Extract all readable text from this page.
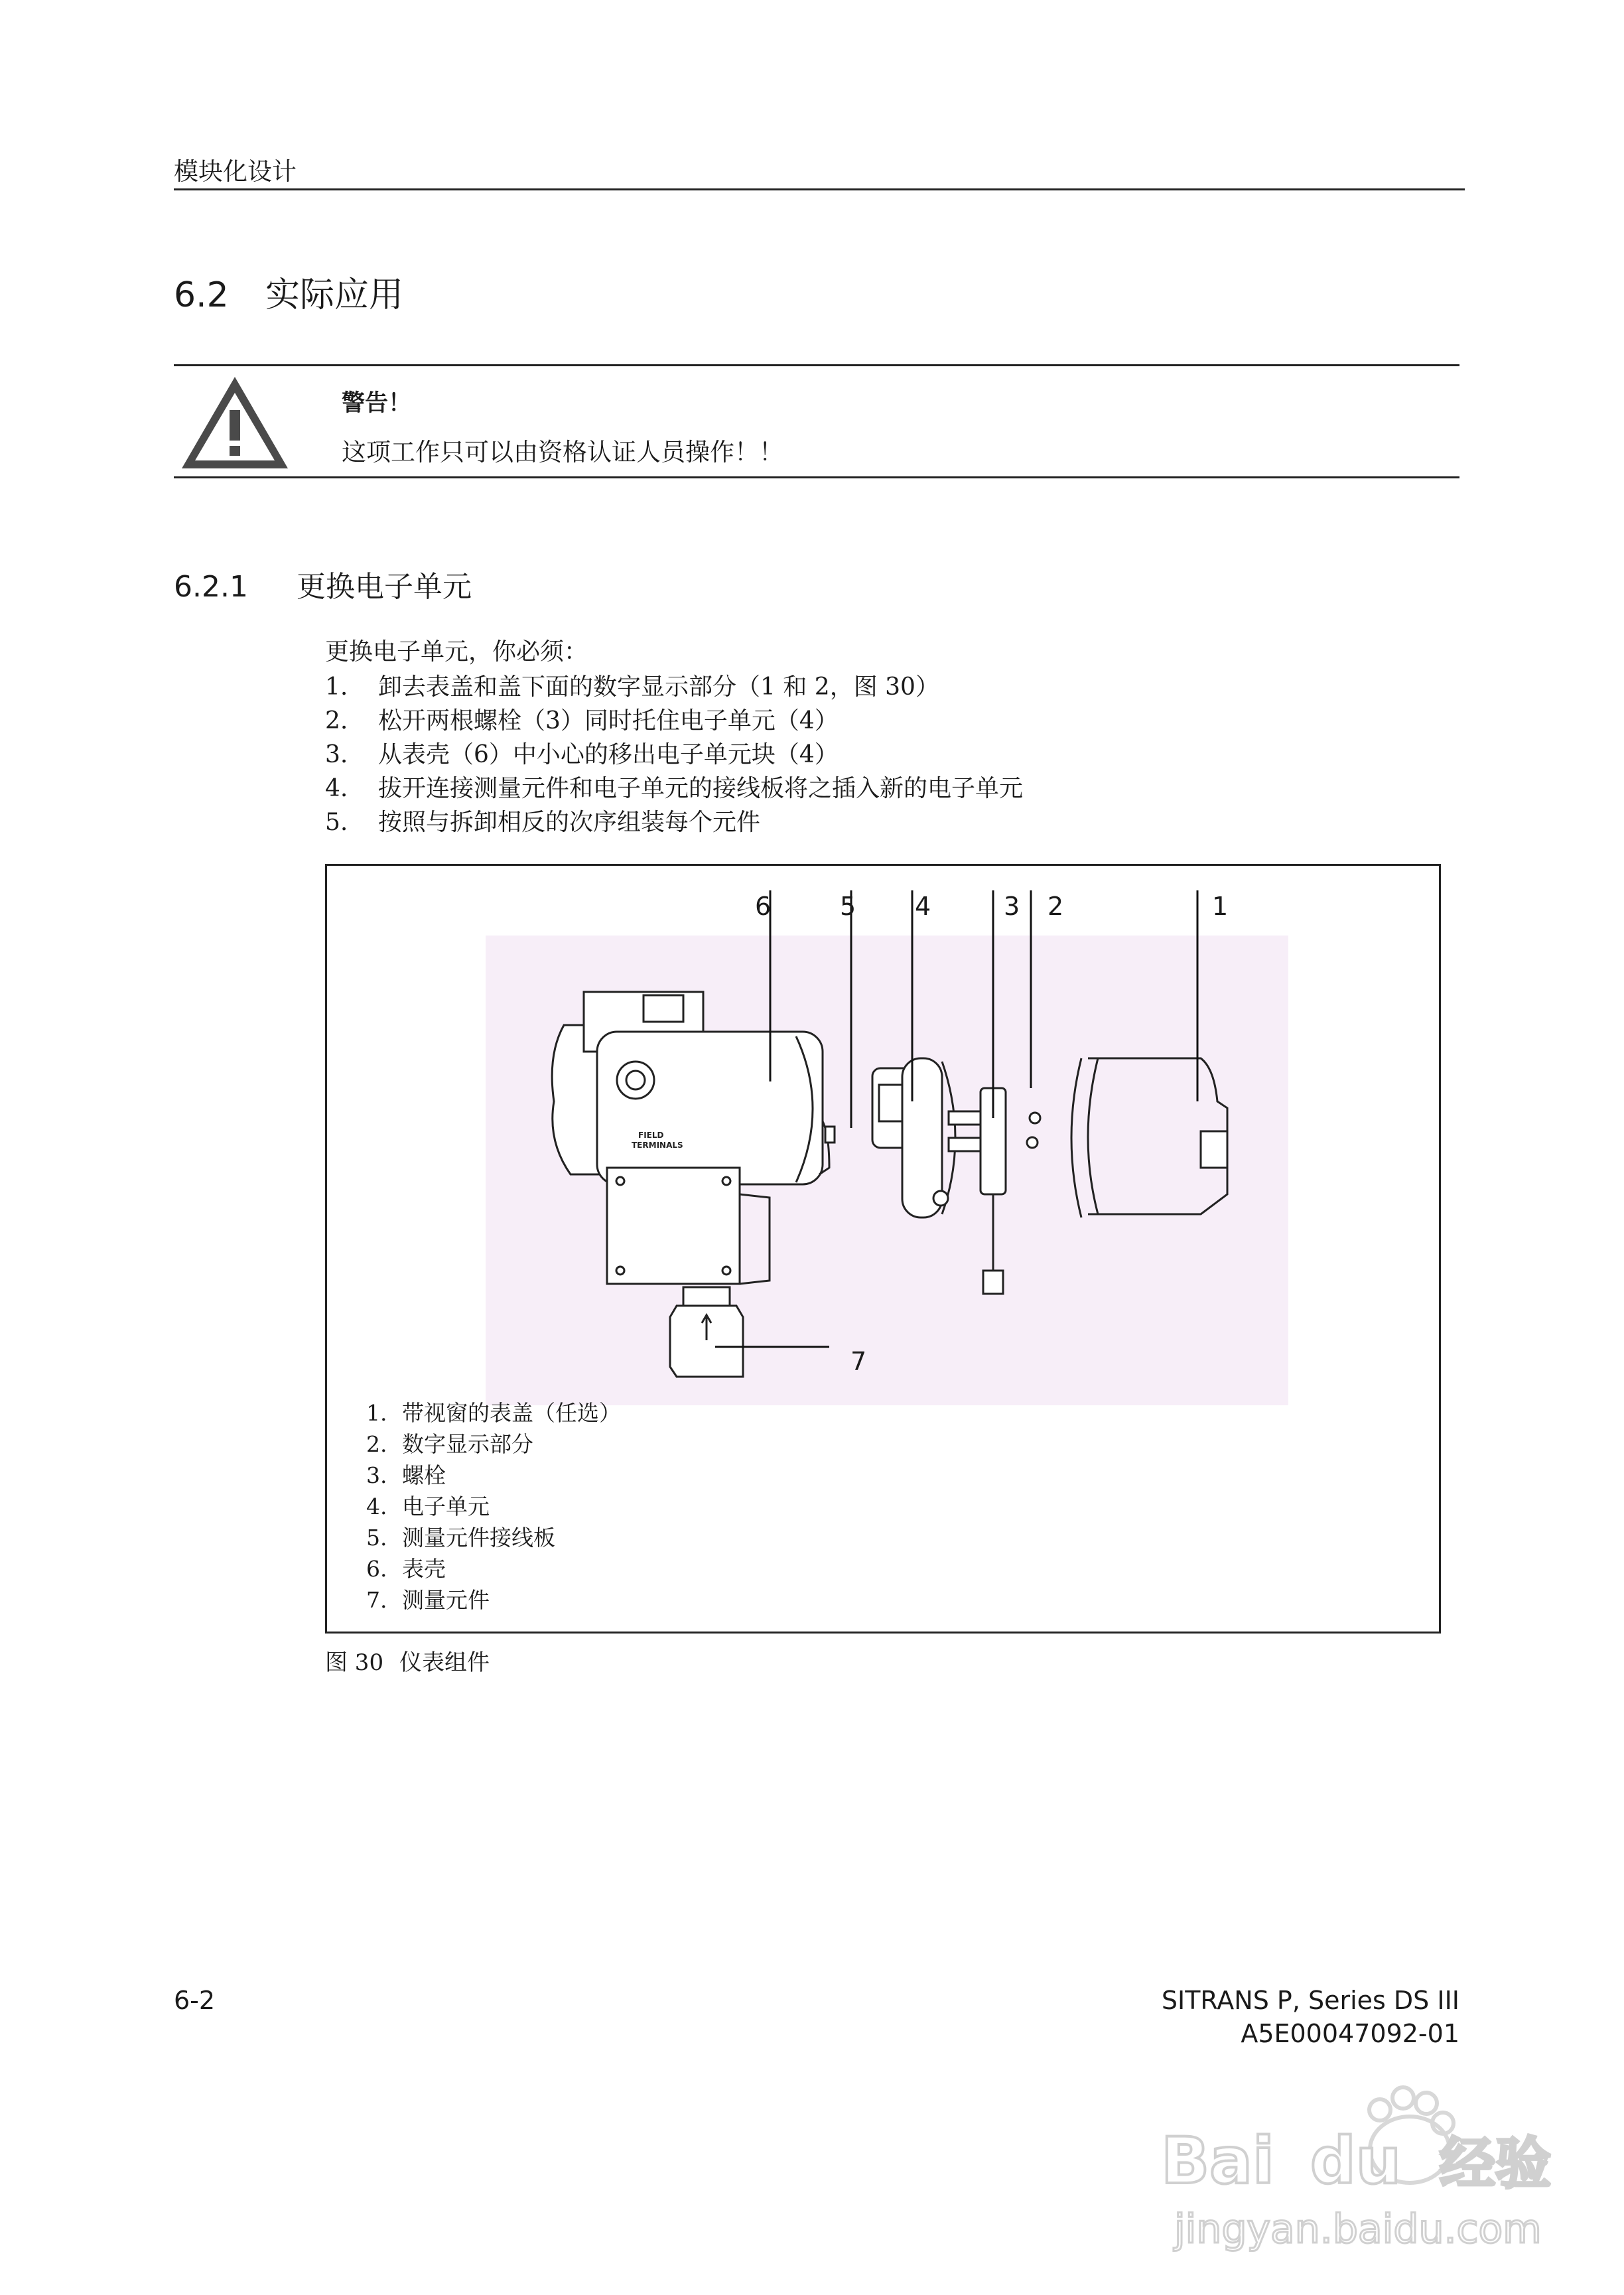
模块化设计
6.2 实际应用
警告！
这项工作只可以由资格认证人员操作！！
6.2.1 更换电子单元
更换电子单元，你必须：
1. 卸去表盖和盖下面的数字显示部分（1 和 2，图 30）
2. 松开两根螺栓（3）同时托住电子单元（4）
3. 从表壳（6）中小心的移出电子单元块（4）
4. 拔开连接测量元件和电子单元的接线板将之插入新的电子单元
5. 按照与拆卸相反的次序组装每个元件
FIELD
TERMINALS
6	5 4	3 2	1
7
1. 带视窗的表盖（任选）
2. 数字显示部分
3. 螺栓
4. 电子单元
5. 测量元件接线板
6. 表壳
7. 测量元件
图 30 仪表组件
6-2	SITRANS P, Series DS III
A5E00047092-01
Bai du 经验
jingyan.baidu.com
